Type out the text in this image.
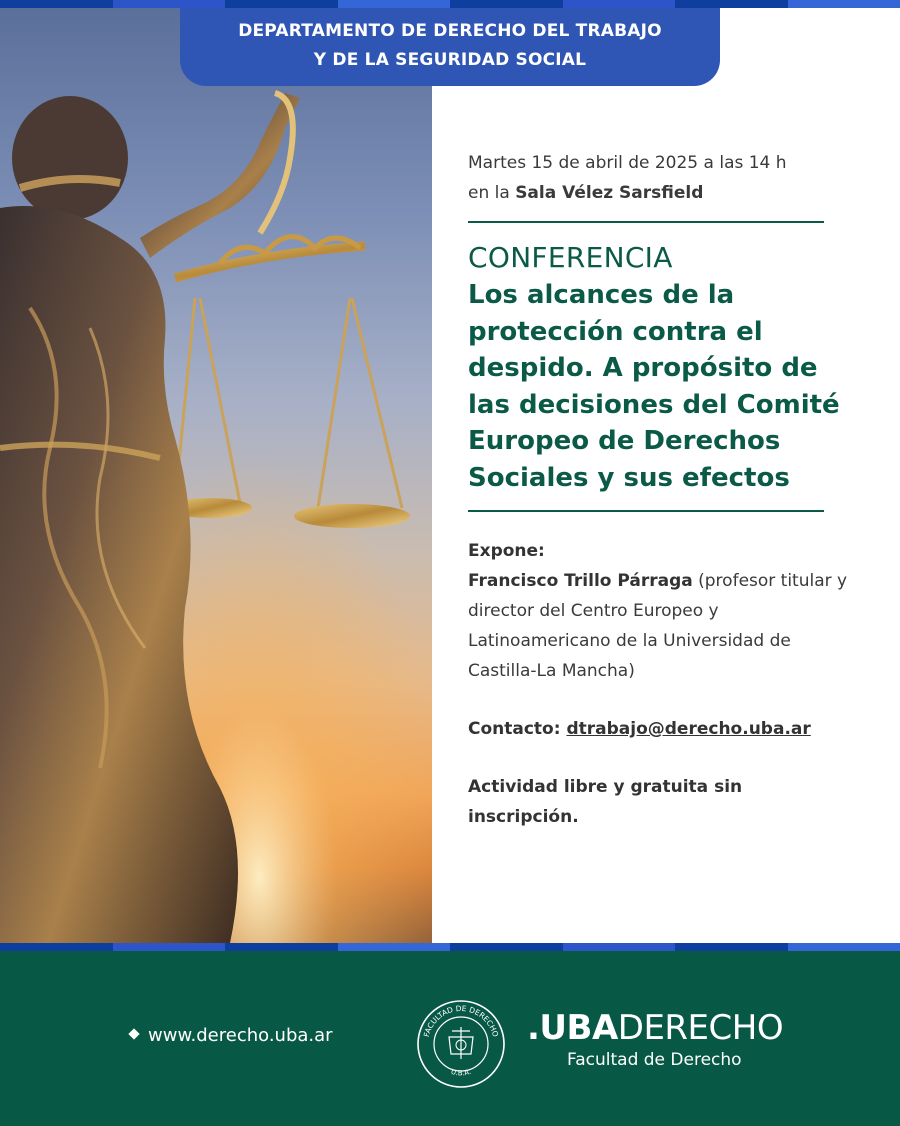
DEPARTAMENTO DE DERECHO DEL TRABAJO
Y DE LA SEGURIDAD SOCIAL
Martes 15 de abril de 2025 a las 14 h
en la Sala Vélez Sarsfield
CONFERENCIA
Los alcances de la protección contra el despido. A propósito de las decisiones del Comité Europeo de Derechos Sociales y sus efectos
Expone:
Francisco Trillo Párraga (profesor titular y director del Centro Europeo y Latinoamericano de la Universidad de Castilla-La Mancha)
Contacto: dtrabajo@derecho.uba.ar
Actividad libre y gratuita sin inscripción.
www.derecho.uba.ar	FACULTAD DE DERECHO
U.B.A.
.UBADERECHO
Facultad de Derecho
